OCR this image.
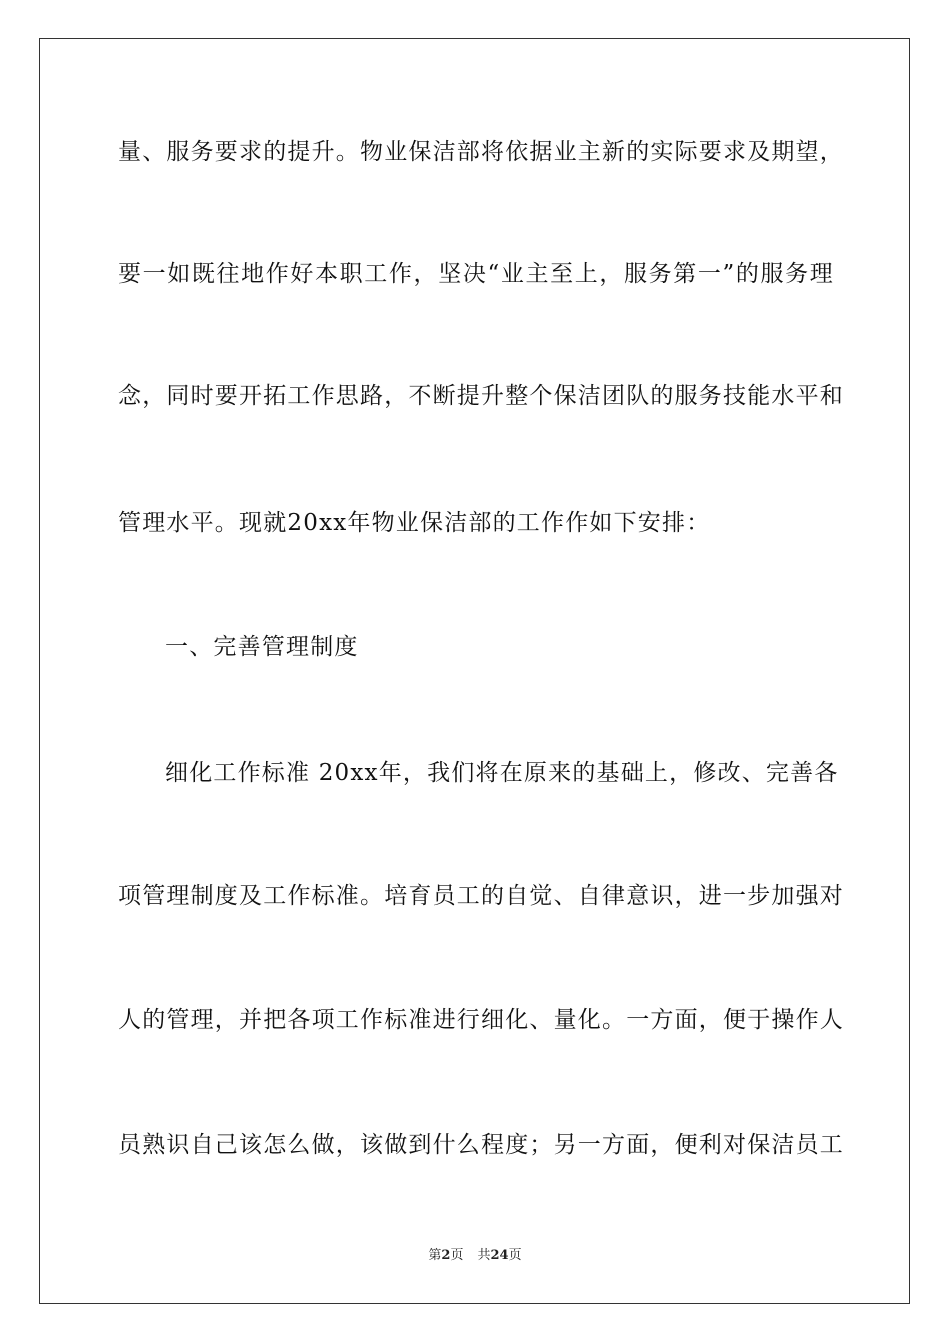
量、服务要求的提升。物业保洁部将依据业主新的实际要求及期望，
要一如既往地作好本职工作，坚决“业主至上，服务第一”的服务理
念，同时要开拓工作思路，不断提升整个保洁团队的服务技能水平和
管理水平。现就20xx年物业保洁部的工作作如下安排：
一、完善管理制度
细化工作标准 20xx年，我们将在原来的基础上，修改、完善各
项管理制度及工作标准。培育员工的自觉、自律意识，进一步加强对
人的管理，并把各项工作标准进行细化、量化。一方面，便于操作人
员熟识自己该怎么做，该做到什么程度；另一方面，便利对保洁员工
第2页 共24页
